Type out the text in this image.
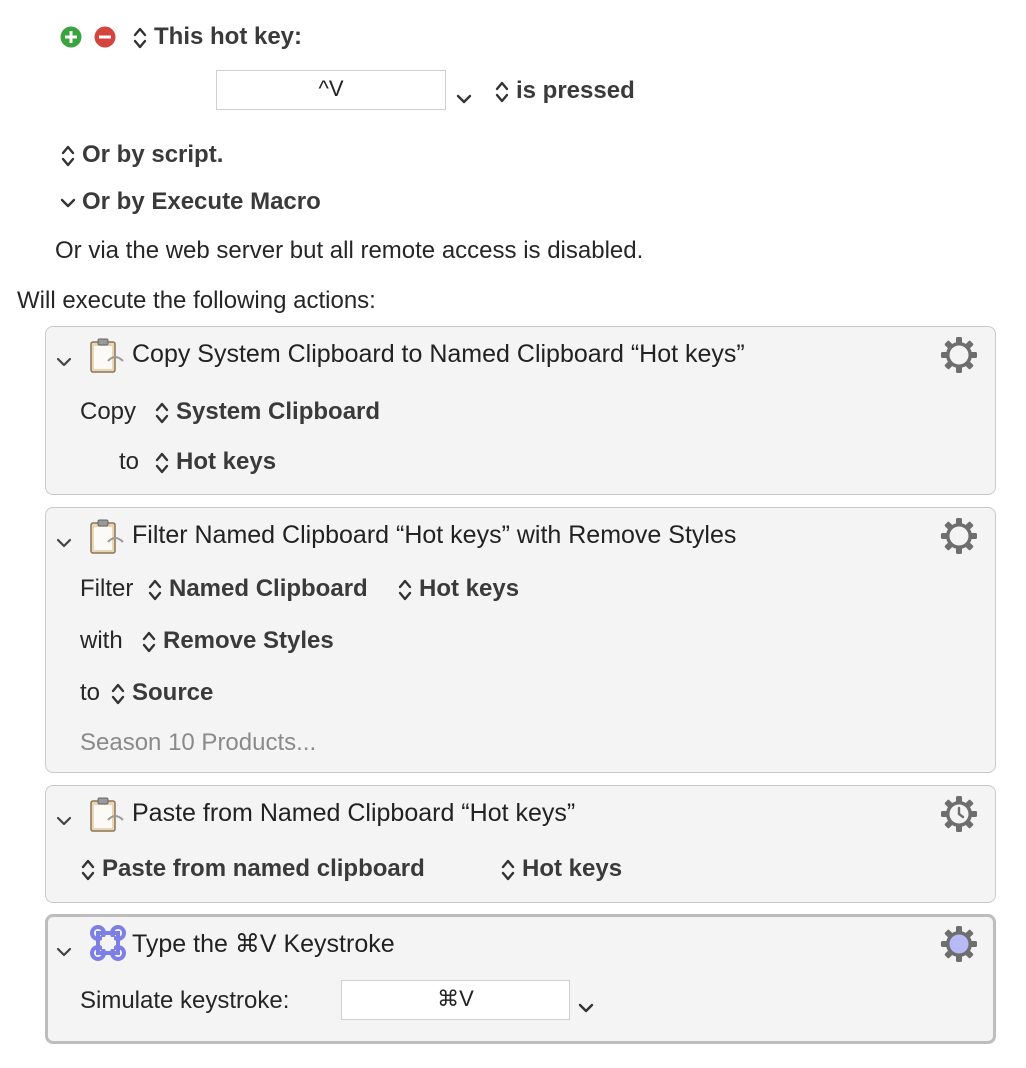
This hot key:
^V	is pressed
Or by script.
Or by Execute Macro
Or via the web server but all remote access is disabled.
Will execute the following actions:
Copy System Clipboard to Named Clipboard “Hot keys”
Copy	System Clipboard
to	Hot keys
Filter Named Clipboard “Hot keys” with Remove Styles
Filter	Named Clipboard	Hot keys
with	Remove Styles
to	Source
Season 10 Products...
Paste from Named Clipboard “Hot keys”
Paste from named clipboard	Hot keys
Type the ⌘V Keystroke
Simulate keystroke:	⌘V
